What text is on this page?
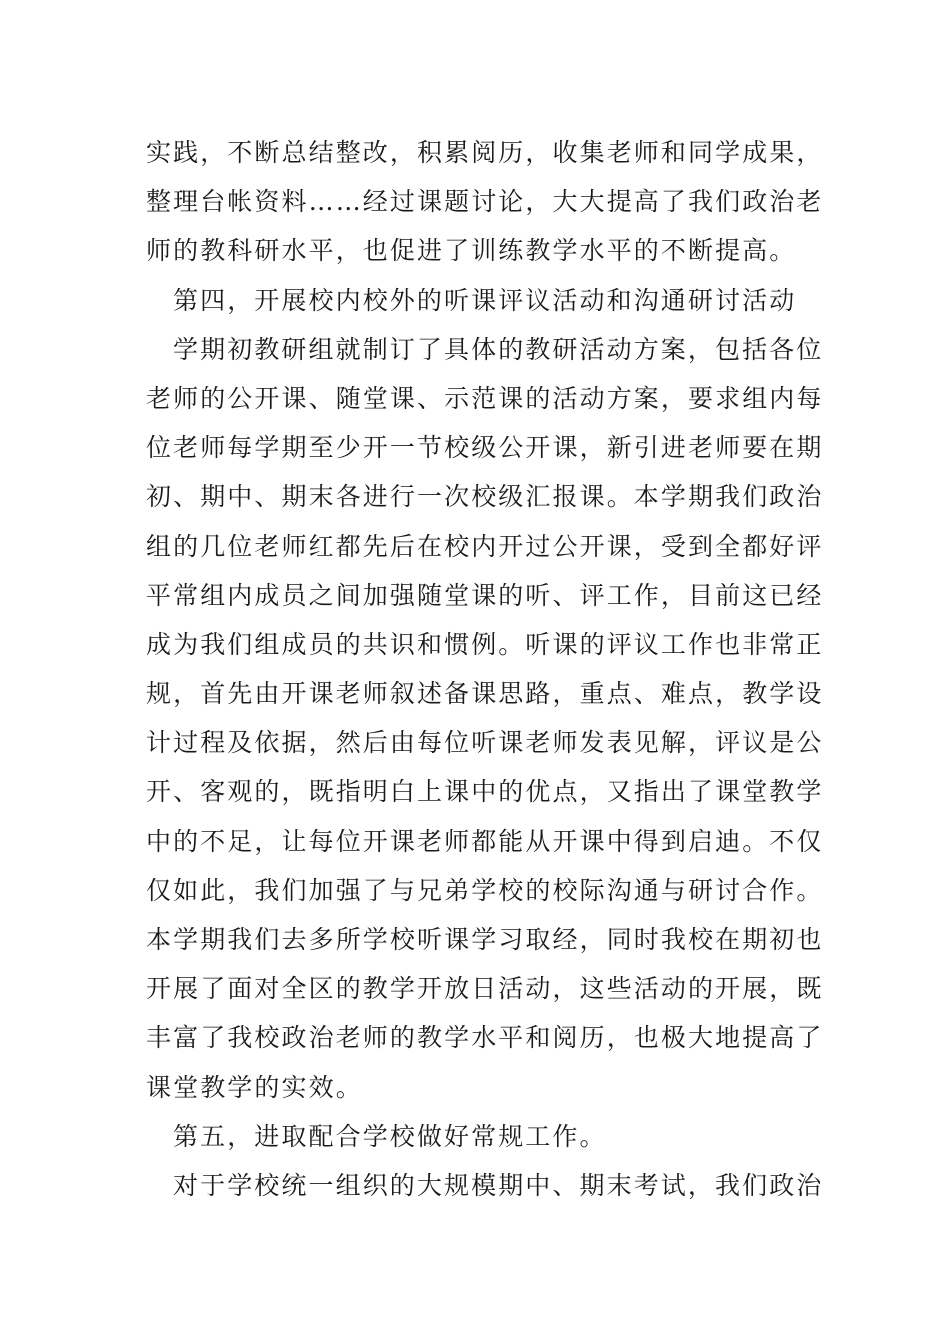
实践，不断总结整改，积累阅历，收集老师和同学成果，
整理台帐资料……经过课题讨论，大大提高了我们政治老
师的教科研水平，也促进了训练教学水平的不断提高。
第四，开展校内校外的听课评议活动和沟通研讨活动
学期初教研组就制订了具体的教研活动方案，包括各位
老师的公开课、随堂课、示范课的活动方案，要求组内每
位老师每学期至少开一节校级公开课，新引进老师要在期
初、期中、期末各进行一次校级汇报课。本学期我们政治
组的几位老师红都先后在校内开过公开课，受到全都好评
平常组内成员之间加强随堂课的听、评工作，目前这已经
成为我们组成员的共识和惯例。听课的评议工作也非常正
规，首先由开课老师叙述备课思路，重点、难点，教学设
计过程及依据，然后由每位听课老师发表见解，评议是公
开、客观的，既指明白上课中的优点，又指出了课堂教学
中的不足，让每位开课老师都能从开课中得到启迪。不仅
仅如此，我们加强了与兄弟学校的校际沟通与研讨合作。
本学期我们去多所学校听课学习取经，同时我校在期初也
开展了面对全区的教学开放日活动，这些活动的开展，既
丰富了我校政治老师的教学水平和阅历，也极大地提高了
课堂教学的实效。
第五，进取配合学校做好常规工作。
对于学校统一组织的大规模期中、期末考试，我们政治
